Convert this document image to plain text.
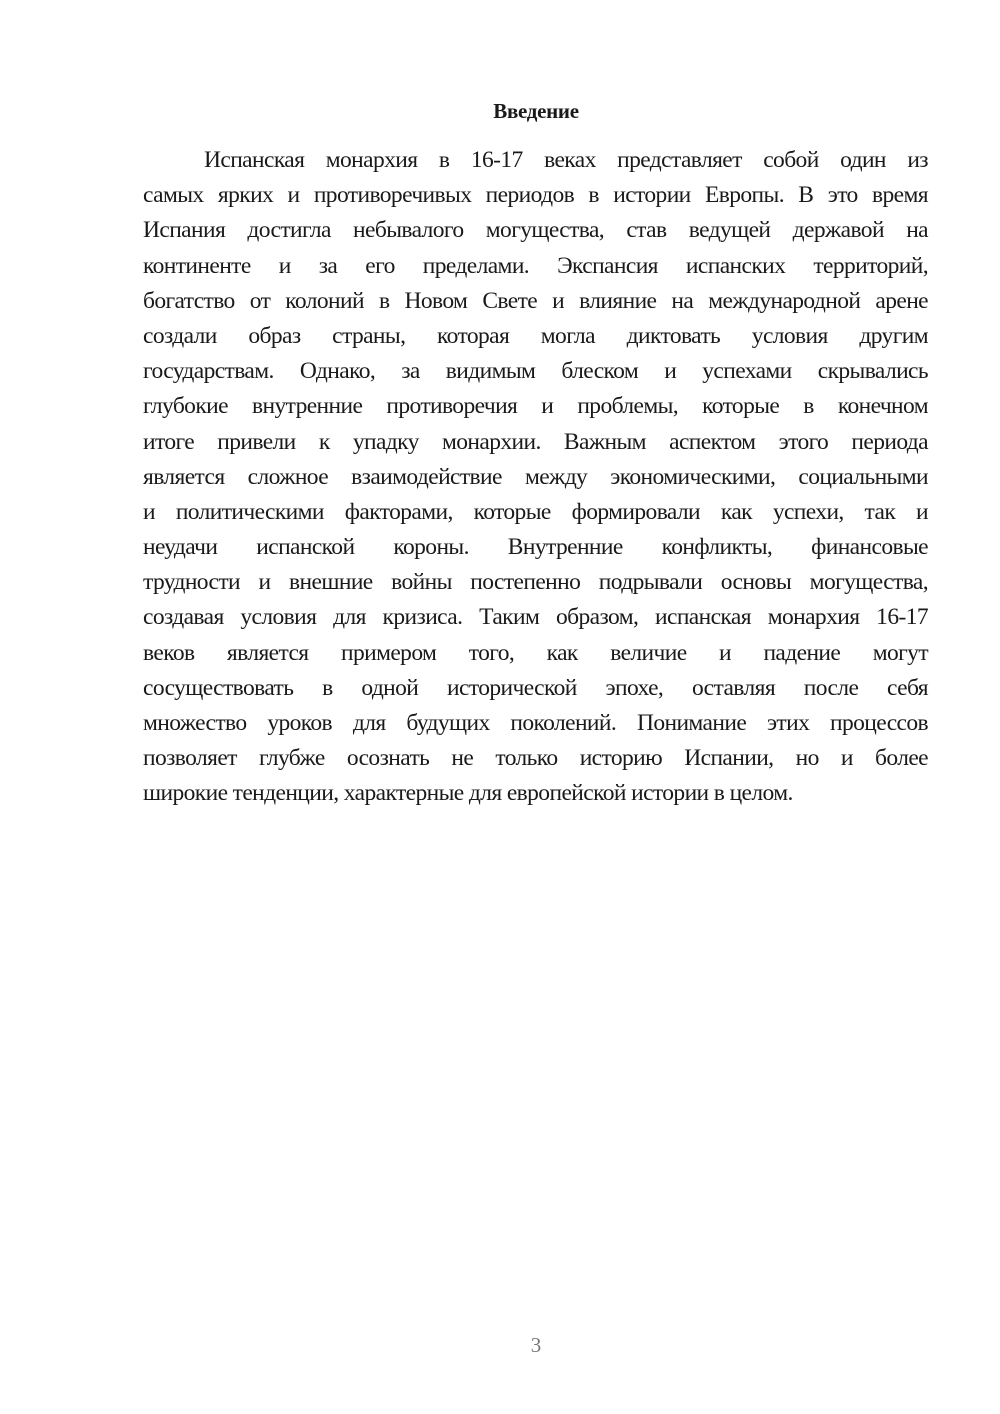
Введение
Испанская монархия в 16-17 веках представляет собой один из
самых ярких и противоречивых периодов в истории Европы. В это время
Испания достигла небывалого могущества, став ведущей державой на
континенте и за его пределами. Экспансия испанских территорий,
богатство от колоний в Новом Свете и влияние на международной арене
создали образ страны, которая могла диктовать условия другим
государствам. Однако, за видимым блеском и успехами скрывались
глубокие внутренние противоречия и проблемы, которые в конечном
итоге привели к упадку монархии. Важным аспектом этого периода
является сложное взаимодействие между экономическими, социальными
и политическими факторами, которые формировали как успехи, так и
неудачи испанской короны. Внутренние конфликты, финансовые
трудности и внешние войны постепенно подрывали основы могущества,
создавая условия для кризиса. Таким образом, испанская монархия 16-17
веков является примером того, как величие и падение могут
сосуществовать в одной исторической эпохе, оставляя после себя
множество уроков для будущих поколений. Понимание этих процессов
позволяет глубже осознать не только историю Испании, но и более
широкие тенденции, характерные для европейской истории в целом.
3
